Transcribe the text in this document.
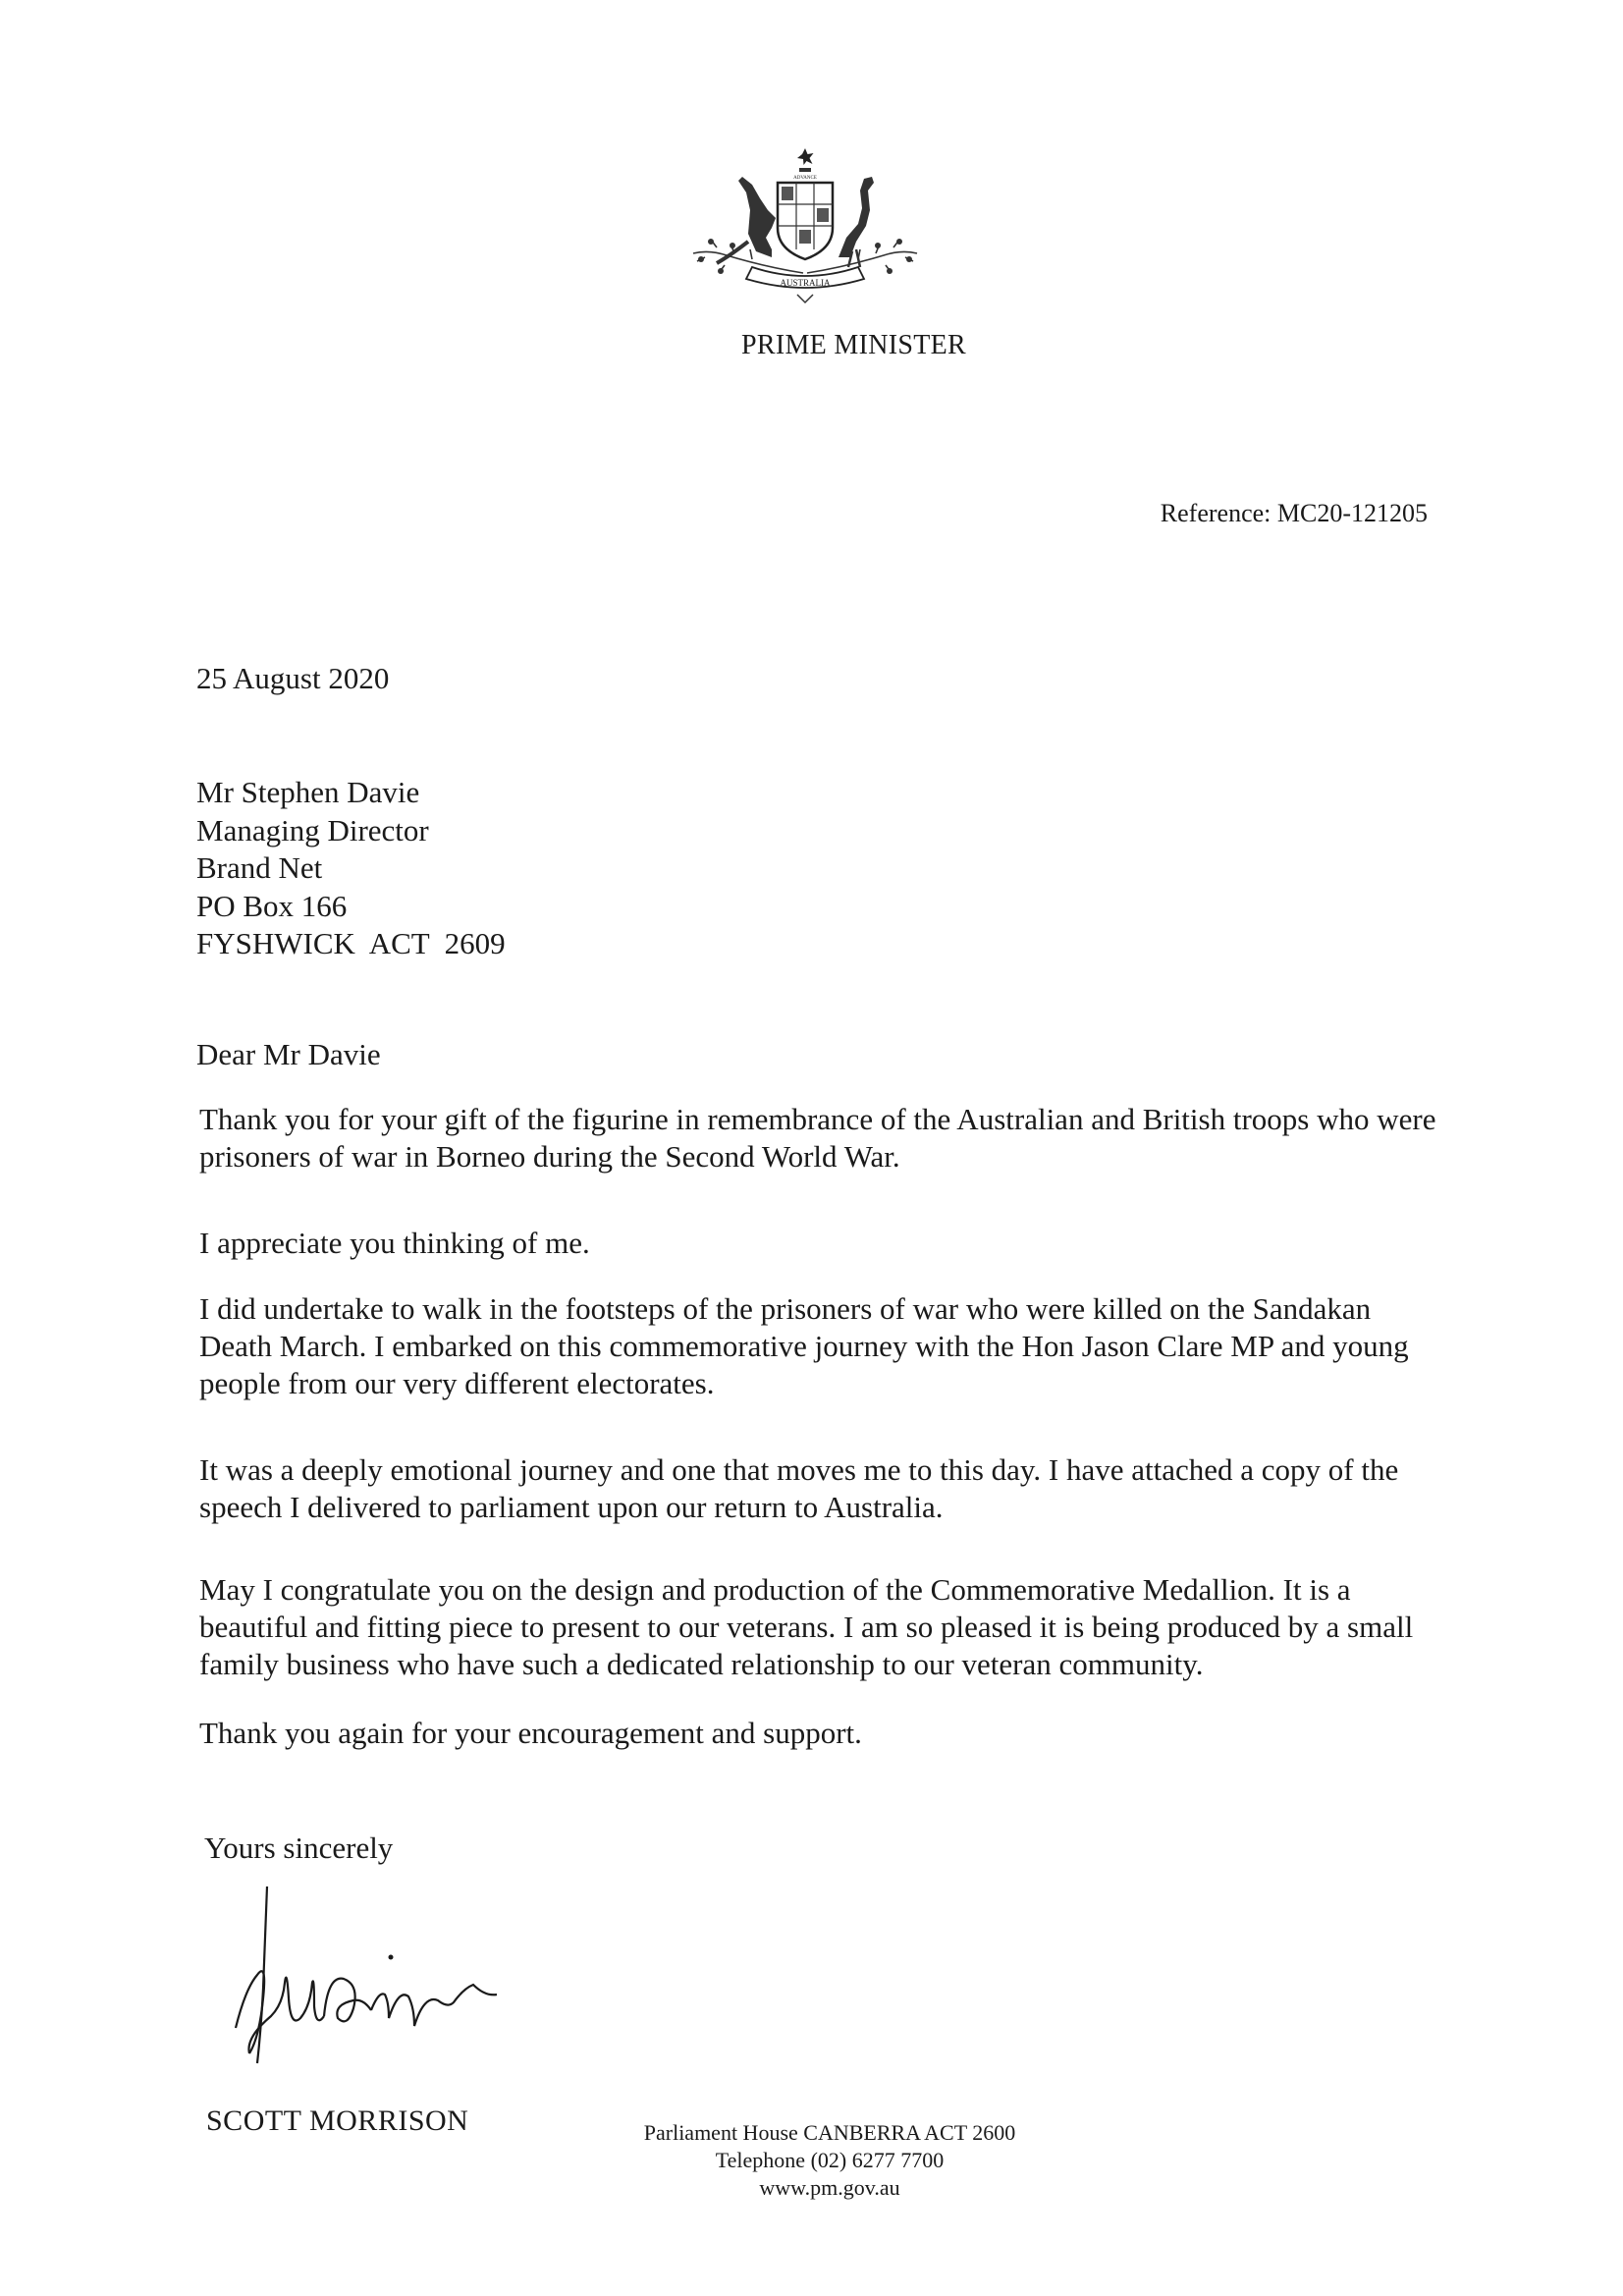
AUSTRALIA
ADVANCE
PRIME MINISTER
Reference: MC20-121205
25 August 2020
Mr Stephen Davie
Managing Director
Brand Net
PO Box 166
FYSHWICK  ACT  2609
Dear Mr Davie
Thank you for your gift of the figurine in remembrance of the Australian and British troops who were prisoners of war in Borneo during the Second World War.
I appreciate you thinking of me.
I did undertake to walk in the footsteps of the prisoners of war who were killed on the Sandakan Death March. I embarked on this commemorative journey with the Hon Jason Clare MP and young people from our very different electorates.
It was a deeply emotional journey and one that moves me to this day. I have attached a copy of the speech I delivered to parliament upon our return to Australia.
May I congratulate you on the design and production of the Commemorative Medallion. It is a beautiful and fitting piece to present to our veterans. I am so pleased it is being produced by a small family business who have such a dedicated relationship to our veteran community.
Thank you again for your encouragement and support.
Yours sincerely
SCOTT MORRISON	Parliament House CANBERRA ACT 2600
Telephone (02) 6277 7700
www.pm.gov.au
